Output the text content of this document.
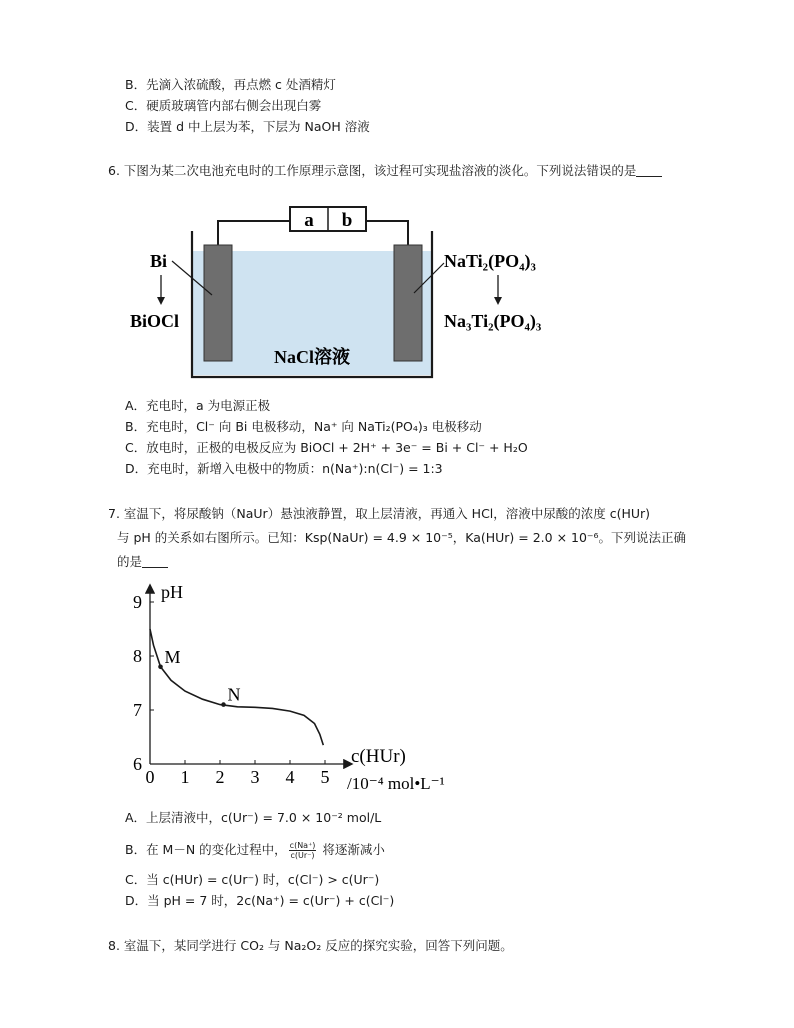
B．先滴入浓硫酸，再点燃 c 处酒精灯
C．硬质玻璃管内部右侧会出现白雾
D．装置 d 中上层为苯，下层为 NaOH 溶液
6. 下图为某二次电池充电时的工作原理示意图，该过程可实现盐溶液的淡化。下列说法错误的是
a b
Bi
BiOCl
NaTi₂(PO₄)₃
Na₃Ti₂(PO₄)₃
NaCl溶液
A．充电时，a 为电源正极
B．充电时，Cl⁻ 向 Bi 电极移动，Na⁺ 向 NaTi₂(PO₄)₃ 电极移动
C．放电时，正极的电极反应为 BiOCl + 2H⁺ + 3e⁻ = Bi + Cl⁻ + H₂O
D．充电时，新增入电极中的物质：n(Na⁺):n(Cl⁻) = 1:3
7. 室温下，将尿酸钠（NaUr）悬浊液静置，取上层清液，再通入 HCl，溶液中尿酸的浓度 c(HUr)
与 pH 的关系如右图所示。已知：Ksp(NaUr) = 4.9 × 10⁻⁵，Ka(HUr) = 2.0 × 10⁻⁶。下列说法正确
的是
pH
c(HUr)
/10⁻⁴ mol•L⁻¹
0 1 2 3 4 5
6
7
8
9
M
N
A．上层清液中，c(Ur⁻) = 7.0 × 10⁻² mol/L
B．在 M－N 的变化过程中， $\frac{c(Na^+)}{c(Ur^-)}$ 将逐渐减小
C．当 c(HUr) = c(Ur⁻) 时，c(Cl⁻) > c(Ur⁻)
D．当 pH = 7 时，2c(Na⁺) = c(Ur⁻) + c(Cl⁻)
8. 室温下，某同学进行 CO₂ 与 Na₂O₂ 反应的探究实验，回答下列问题。
